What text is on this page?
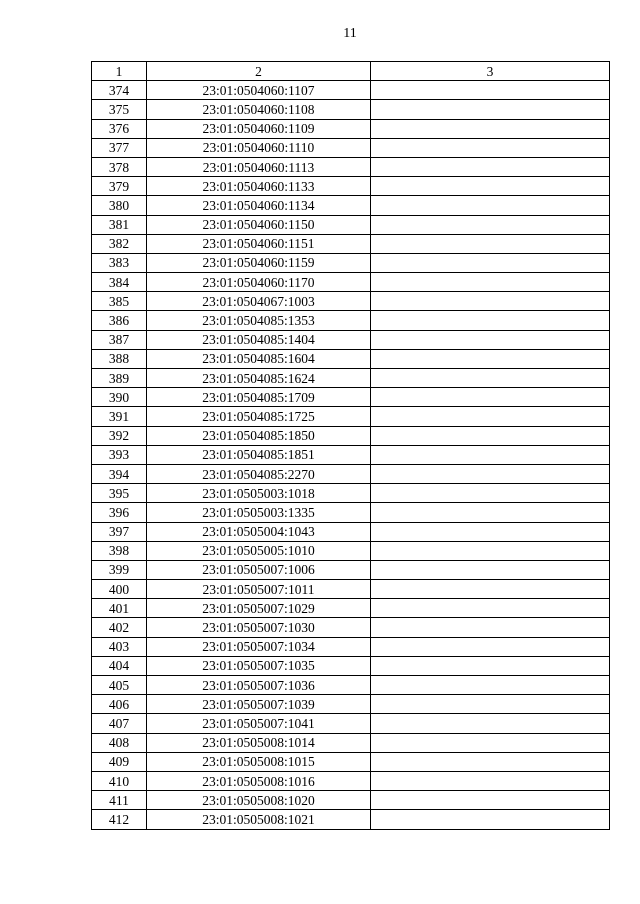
11
1	2	3
374	23:01:0504060:1107	
375	23:01:0504060:1108	
376	23:01:0504060:1109	
377	23:01:0504060:1110	
378	23:01:0504060:1113	
379	23:01:0504060:1133	
380	23:01:0504060:1134	
381	23:01:0504060:1150	
382	23:01:0504060:1151	
383	23:01:0504060:1159	
384	23:01:0504060:1170	
385	23:01:0504067:1003	
386	23:01:0504085:1353	
387	23:01:0504085:1404	
388	23:01:0504085:1604	
389	23:01:0504085:1624	
390	23:01:0504085:1709	
391	23:01:0504085:1725	
392	23:01:0504085:1850	
393	23:01:0504085:1851	
394	23:01:0504085:2270	
395	23:01:0505003:1018	
396	23:01:0505003:1335	
397	23:01:0505004:1043	
398	23:01:0505005:1010	
399	23:01:0505007:1006	
400	23:01:0505007:1011	
401	23:01:0505007:1029	
402	23:01:0505007:1030	
403	23:01:0505007:1034	
404	23:01:0505007:1035	
405	23:01:0505007:1036	
406	23:01:0505007:1039	
407	23:01:0505007:1041	
408	23:01:0505008:1014	
409	23:01:0505008:1015	
410	23:01:0505008:1016	
411	23:01:0505008:1020	
412	23:01:0505008:1021	
